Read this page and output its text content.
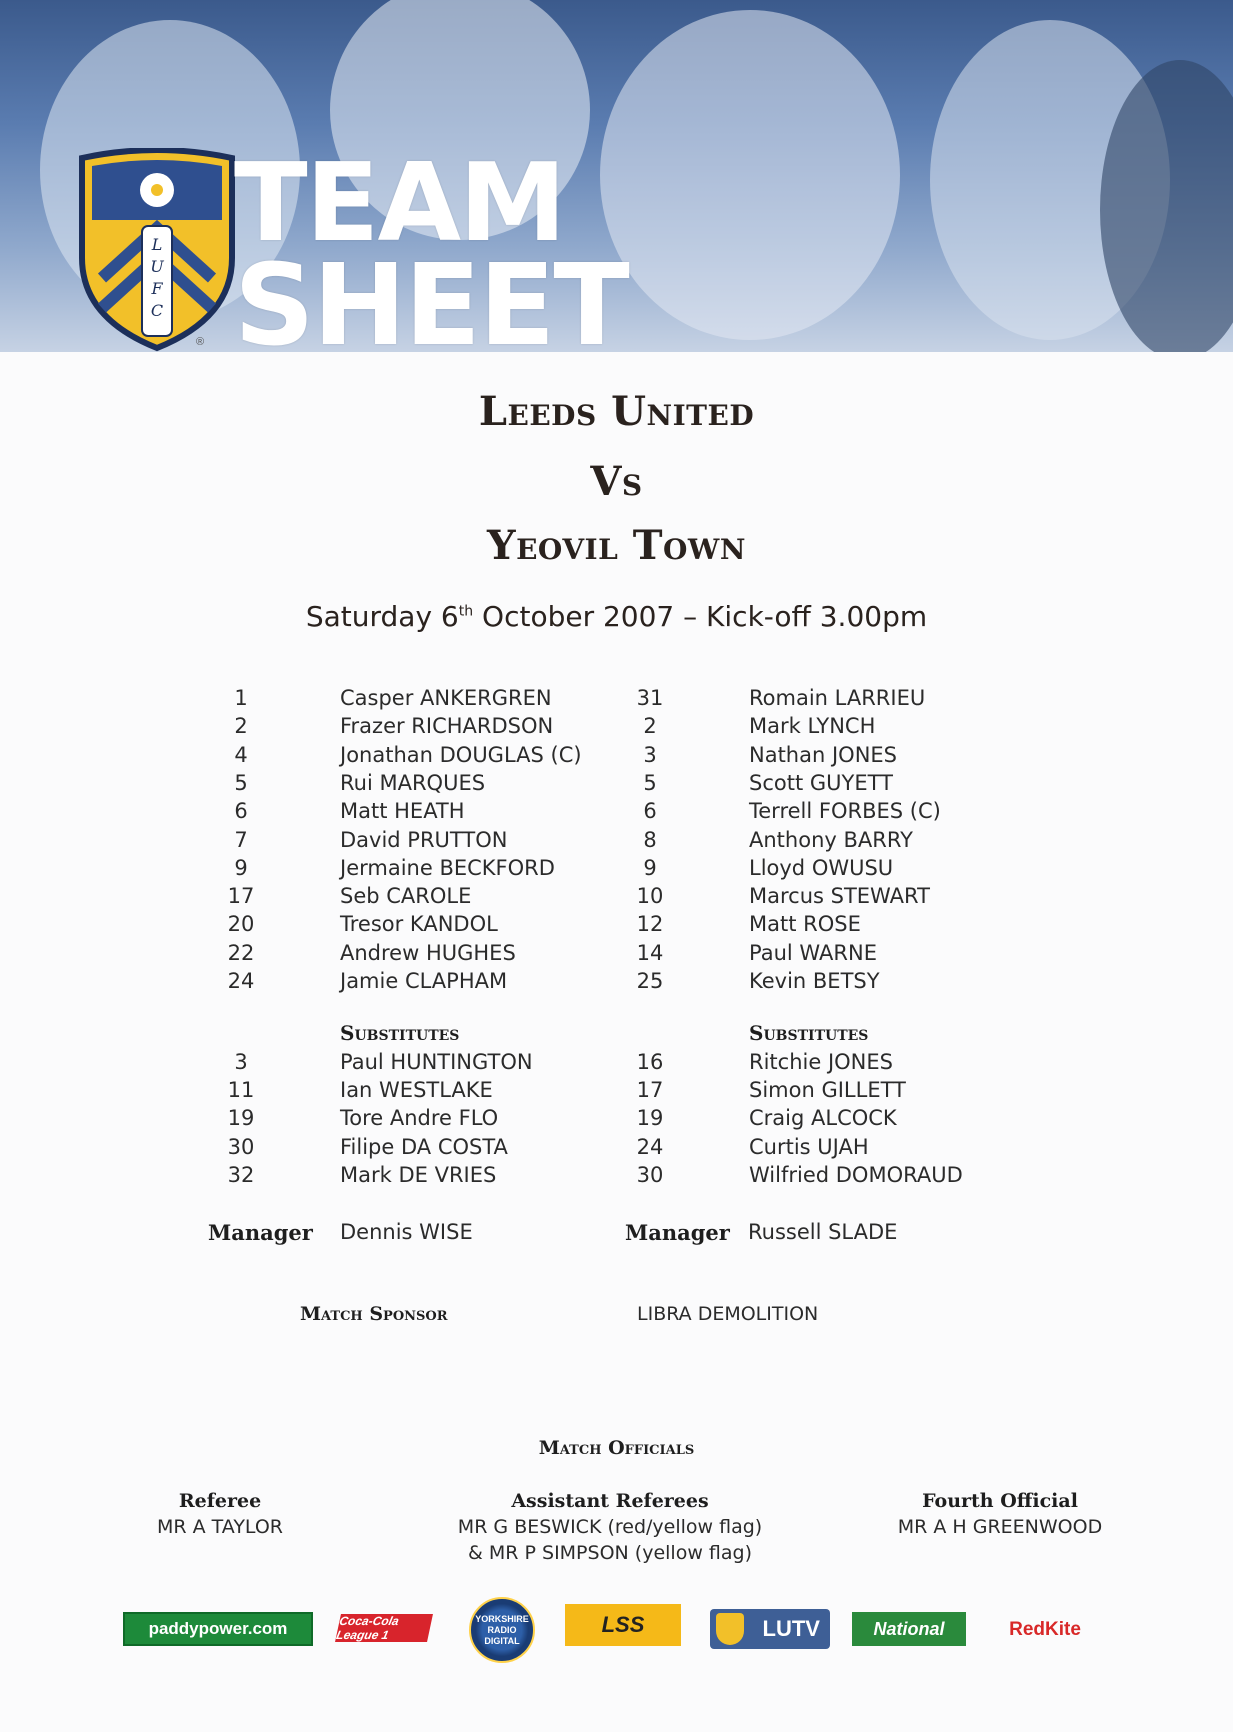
L
U
F
C
®
TEAM
SHEET
Leeds United
Vs
Yeovil Town
Saturday 6th October 2007 – Kick-off 3.00pm
1	Casper ANKERGREN
2	Frazer RICHARDSON
4	Jonathan DOUGLAS (C)
5	Rui MARQUES
6	Matt HEATH
7	David PRUTTON
9	Jermaine BECKFORD
17	Seb CAROLE
20	Tresor KANDOL
22	Andrew HUGHES
24	Jamie CLAPHAM
Substitutes
3	Paul HUNTINGTON
11	Ian WESTLAKE
19	Tore Andre FLO
30	Filipe DA COSTA
32	Mark DE VRIES
31	Romain LARRIEU
2	Mark LYNCH
3	Nathan JONES
5	Scott GUYETT
6	Terrell FORBES (C)
8	Anthony BARRY
9	Lloyd OWUSU
10	Marcus STEWART
12	Matt ROSE
14	Paul WARNE
25	Kevin BETSY
Substitutes
16	Ritchie JONES
17	Simon GILLETT
19	Craig ALCOCK
24	Curtis UJAH
30	Wilfried DOMORAUD
Manager Dennis WISE	Manager Russell SLADE
Match Sponsor	LIBRA DEMOLITION
Match Officials
Referee
MR A TAYLOR
Assistant Referees
MR G BESWICK (red/yellow flag)
& MR P SIMPSON (yellow flag)
Fourth Official
MR A H GREENWOOD
paddypower.com	Coca-Cola League 1
YORKSHIRE
RADIO
DIGITAL
LSS	LUTV	National	RedKite
